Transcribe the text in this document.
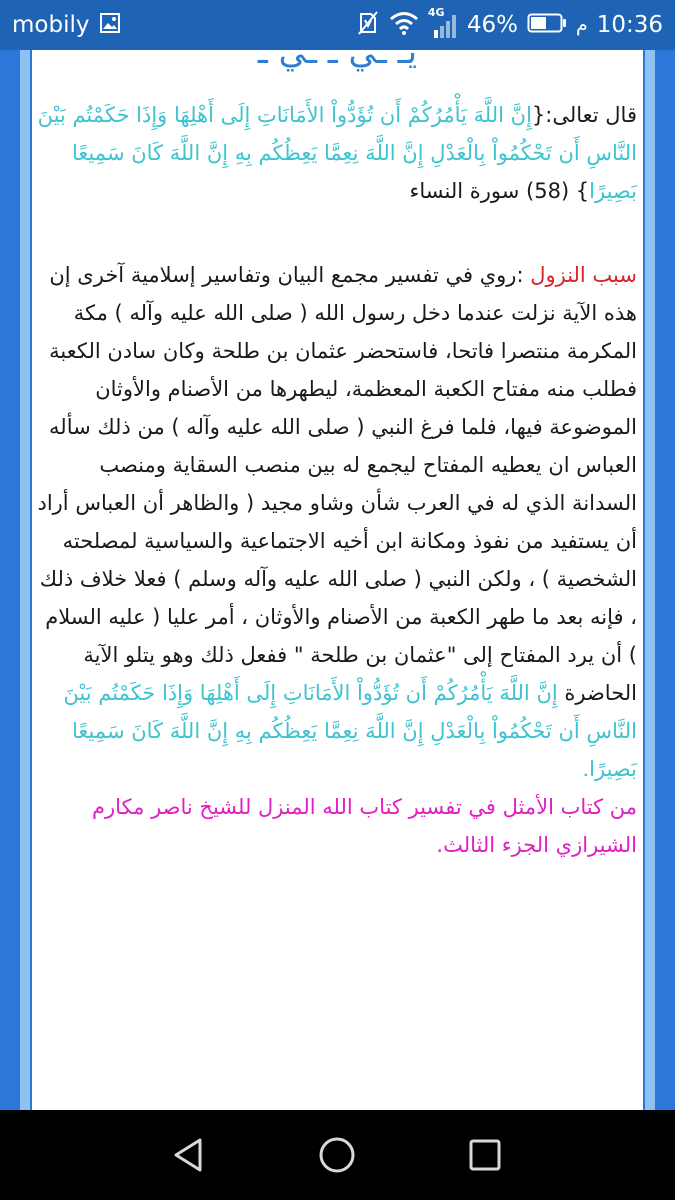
mobily	4G 46%	م 10:36
يـ ـي ـ ـي ـ

قال تعالى:{إِنَّ اللَّهَ يَأْمُرُكُمْ أَن تُؤَدُّواْ الأَمَانَاتِ إِلَى أَهْلِهَا وَإِذَا حَكَمْتُم بَيْنَ النَّاسِ أَن تَحْكُمُواْ بِالْعَدْلِ إِنَّ اللَّهَ نِعِمَّا يَعِظُكُم بِهِ إِنَّ اللَّهَ كَانَ سَمِيعًا بَصِيرًا} (58) سورة النساء

سبب النزول :روي في تفسير مجمع البيان وتفاسير إسلامية آخرى إن هذه الآية نزلت عندما دخل رسول الله ( صلى الله عليه وآله ) مكة المكرمة منتصرا فاتحا، فاستحضر عثمان بن طلحة وكان سادن الكعبة فطلب منه مفتاح الكعبة المعظمة، ليطهرها من الأصنام والأوثان الموضوعة فيها، فلما فرغ النبي ( صلى الله عليه وآله ) من ذلك سأله العباس ان يعطيه المفتاح ليجمع له بين منصب السقاية ومنصب السدانة الذي له في العرب شأن وشاو مجيد ( والظاهر أن العباس أراد أن يستفيد من نفوذ ومكانة ابن أخيه الاجتماعية والسياسية لمصلحته الشخصية ) ، ولكن النبي ( صلى الله عليه وآله وسلم ) فعلا خلاف ذلك ، فإنه بعد ما طهر الكعبة من الأصنام والأوثان ، أمر عليا ( عليه السلام ) أن يرد المفتاح إلى "عثمان بن طلحة " ففعل ذلك وهو يتلو الآية الحاضرة إِنَّ اللَّهَ يَأْمُرُكُمْ أَن تُؤَدُّواْ الأَمَانَاتِ إِلَى أَهْلِهَا وَإِذَا حَكَمْتُم بَيْنَ النَّاسِ أَن تَحْكُمُواْ بِالْعَدْلِ إِنَّ اللَّهَ نِعِمَّا يَعِظُكُم بِهِ إِنَّ اللَّهَ كَانَ سَمِيعًا بَصِيرًا.

من كتاب الأمثل في تفسير كتاب الله المنزل للشيخ ناصر مكارم الشيرازي الجزء الثالث.
